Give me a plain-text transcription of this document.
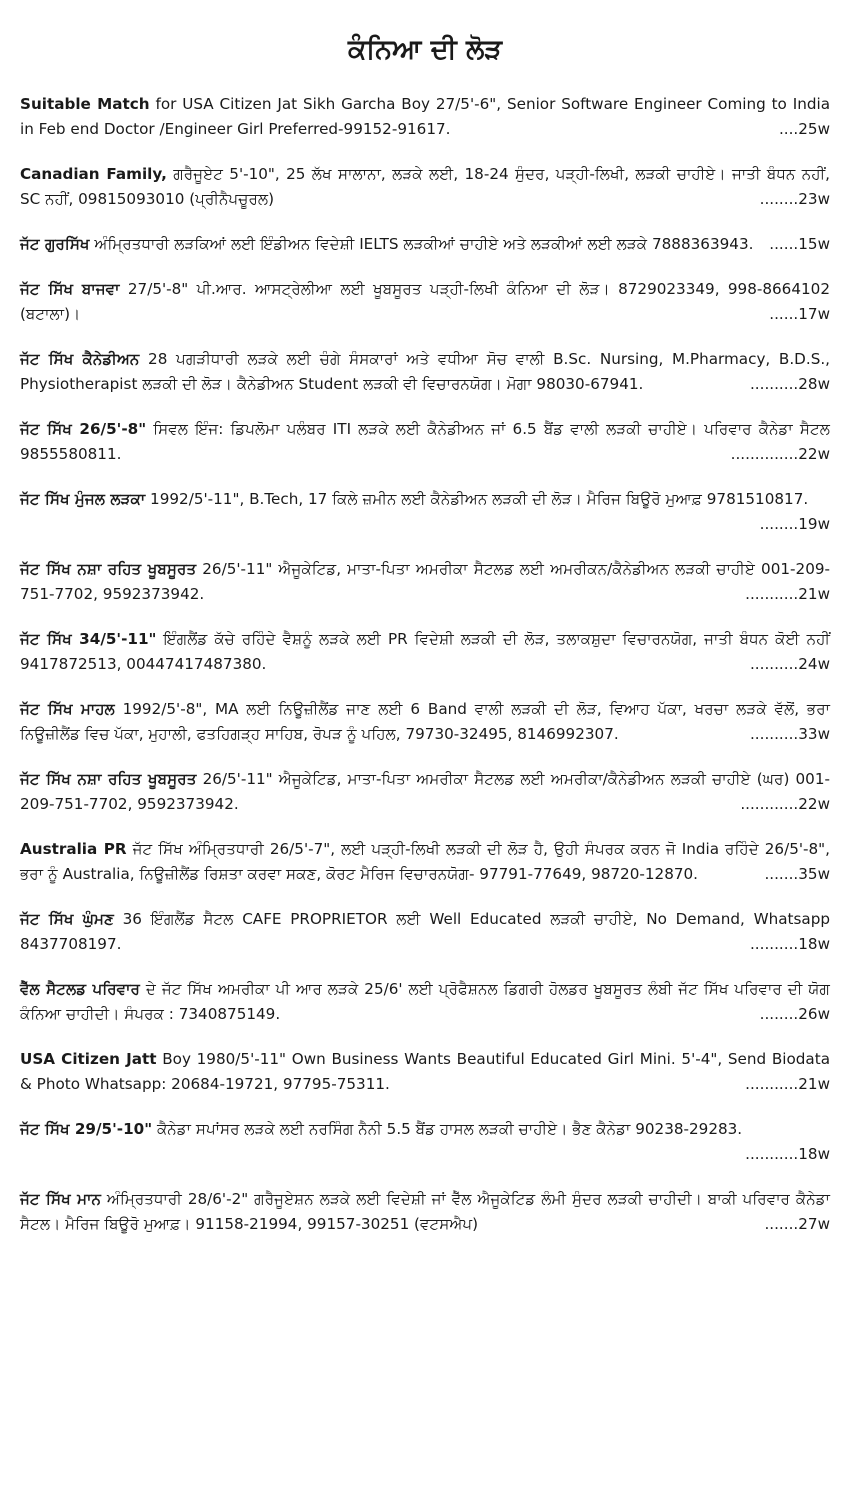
ਕੰਨਿਆ ਦੀ ਲੋੜ

Suitable Match for USA Citizen Jat Sikh Garcha Boy 27/5'-6", Senior Software Engineer Coming to India in Feb end Doctor /Engineer Girl Preferred-99152-91617.	....25w

Canadian Family, ਗਰੈਜੂਏਟ 5'-10", 25 ਲੱਖ ਸਾਲਾਨਾ, ਲੜਕੇ ਲਈ, 18-24 ਸੁੰਦਰ, ਪੜ੍ਹੀ-ਲਿਖੀ, ਲੜਕੀ ਚਾਹੀਏ। ਜਾਤੀ ਬੰਧਨ ਨਹੀਂ, SC ਨਹੀਂ, 09815093010 (ਪ੍ਰੀਨੈਪਚੂਰਲ)	........23w

ਜੱਟ ਗੁਰਸਿੱਖ ਅੰਮ੍ਰਿਤਧਾਰੀ ਲੜਕਿਆਂ ਲਈ ਇੰਡੀਅਨ ਵਿਦੇਸ਼ੀ IELTS ਲੜਕੀਆਂ ਚਾਹੀਏ ਅਤੇ ਲੜਕੀਆਂ ਲਈ ਲੜਕੇ 7888363943. ......15w

ਜੱਟ ਸਿੱਖ ਬਾਜਵਾ 27/5'-8" ਪੀ.ਆਰ. ਆਸਟ੍ਰੇਲੀਆ ਲਈ ਖੂਬਸੂਰਤ ਪੜ੍ਹੀ-ਲਿਖੀ ਕੰਨਿਆ ਦੀ ਲੋੜ। 8729023349, 998-8664102 (ਬਟਾਲਾ)।	......17w

ਜੱਟ ਸਿੱਖ ਕੈਨੇਡੀਅਨ 28 ਪਗੜੀਧਾਰੀ ਲੜਕੇ ਲਈ ਚੰਗੇ ਸੰਸਕਾਰਾਂ ਅਤੇ ਵਧੀਆ ਸੋਚ ਵਾਲੀ B.Sc. Nursing, M.Pharmacy, B.D.S., Physiotherapist ਲੜਕੀ ਦੀ ਲੋੜ। ਕੈਨੇਡੀਅਨ Student ਲੜਕੀ ਵੀ ਵਿਚਾਰਨਯੋਗ। ਮੋਗਾ 98030-67941.	..........28w

ਜੱਟ ਸਿੱਖ 26/5'-8" ਸਿਵਲ ਇੰਜ: ਡਿਪਲੋਮਾ ਪਲੰਬਰ ITI ਲੜਕੇ ਲਈ ਕੈਨੇਡੀਅਨ ਜਾਂ 6.5 ਬੈਂਡ ਵਾਲੀ ਲੜਕੀ ਚਾਹੀਏ। ਪਰਿਵਾਰ ਕੈਨੇਡਾ ਸੈਟਲ 9855580811.	..............22w

ਜੱਟ ਸਿੱਖ ਮੁੰਜਲ ਲੜਕਾ 1992/5'-11", B.Tech, 17 ਕਿਲੇ ਜ਼ਮੀਨ ਲਈ ਕੈਨੇਡੀਅਨ ਲੜਕੀ ਦੀ ਲੋੜ। ਮੈਰਿਜ ਬਿਊਰੋ ਮੁਆਫ਼ 9781510817.
........19w

ਜੱਟ ਸਿੱਖ ਨਸ਼ਾ ਰਹਿਤ ਖੂਬਸੂਰਤ 26/5'-11" ਐਜੂਕੇਟਿਡ, ਮਾਤਾ-ਪਿਤਾ ਅਮਰੀਕਾ ਸੈਟਲਡ ਲਈ ਅਮਰੀਕਨ/ਕੈਨੇਡੀਅਨ ਲੜਕੀ ਚਾਹੀਏ 001-209-751-7702, 9592373942.	...........21w

ਜੱਟ ਸਿੱਖ 34/5'-11" ਇੰਗਲੈਂਡ ਕੱਚੇ ਰਹਿੰਦੇ ਵੈਸ਼ਨੂੰ ਲੜਕੇ ਲਈ PR ਵਿਦੇਸ਼ੀ ਲੜਕੀ ਦੀ ਲੋੜ, ਤਲਾਕਸ਼ੁਦਾ ਵਿਚਾਰਨਯੋਗ, ਜਾਤੀ ਬੰਧਨ ਕੋਈ ਨਹੀਂ 9417872513, 00447417487380.	..........24w

ਜੱਟ ਸਿੱਖ ਮਾਹਲ 1992/5'-8", MA ਲਈ ਨਿਊਜ਼ੀਲੈਂਡ ਜਾਣ ਲਈ 6 Band ਵਾਲੀ ਲੜਕੀ ਦੀ ਲੋੜ, ਵਿਆਹ ਪੱਕਾ, ਖਰਚਾ ਲੜਕੇ ਵੱਲੋਂ, ਭਰਾ ਨਿਊਜ਼ੀਲੈਂਡ ਵਿਚ ਪੱਕਾ, ਮੁਹਾਲੀ, ਫਤਹਿਗੜ੍ਹ ਸਾਹਿਬ, ਰੋਪੜ ਨੂੰ ਪਹਿਲ, 79730-32495, 8146992307.	..........33w

ਜੱਟ ਸਿੱਖ ਨਸ਼ਾ ਰਹਿਤ ਖੂਬਸੂਰਤ 26/5'-11" ਐਜੂਕੇਟਿਡ, ਮਾਤਾ-ਪਿਤਾ ਅਮਰੀਕਾ ਸੈਟਲਡ ਲਈ ਅਮਰੀਕਾ/ਕੈਨੇਡੀਅਨ ਲੜਕੀ ਚਾਹੀਏ (ਘਰ) 001-209-751-7702, 9592373942.	............22w

Australia PR ਜੱਟ ਸਿੱਖ ਅੰਮ੍ਰਿਤਧਾਰੀ 26/5'-7", ਲਈ ਪੜ੍ਹੀ-ਲਿਖੀ ਲੜਕੀ ਦੀ ਲੋੜ ਹੈ, ਉਹੀ ਸੰਪਰਕ ਕਰਨ ਜੋ India ਰਹਿੰਦੇ 26/5'-8", ਭਰਾ ਨੂੰ Australia, ਨਿਊਜ਼ੀਲੈਂਡ ਰਿਸ਼ਤਾ ਕਰਵਾ ਸਕਣ, ਕੋਰਟ ਮੈਰਿਜ ਵਿਚਾਰਨਯੋਗ- 97791-77649, 98720-12870.	.......35w

ਜੱਟ ਸਿੱਖ ਘੁੰਮਣ 36 ਇੰਗਲੈਂਡ ਸੈਟਲ CAFE PROPRIETOR ਲਈ Well Educated ਲੜਕੀ ਚਾਹੀਏ, No Demand, Whatsapp 8437708197.	..........18w

ਵੈੱਲ ਸੈਟਲਡ ਪਰਿਵਾਰ ਦੇ ਜੱਟ ਸਿੱਖ ਅਮਰੀਕਾ ਪੀ ਆਰ ਲੜਕੇ 25/6' ਲਈ ਪ੍ਰੋਫੈਸ਼ਨਲ ਡਿਗਰੀ ਹੋਲਡਰ ਖੂਬਸੂਰਤ ਲੰਬੀ ਜੱਟ ਸਿੱਖ ਪਰਿਵਾਰ ਦੀ ਯੋਗ ਕੰਨਿਆ ਚਾਹੀਦੀ। ਸੰਪਰਕ : 7340875149.	........26w

USA Citizen Jatt Boy 1980/5'-11" Own Business Wants Beautiful Educated Girl Mini. 5'-4", Send Biodata & Photo Whatsapp: 20684-19721, 97795-75311.	...........21w

ਜੱਟ ਸਿੱਖ 29/5'-10" ਕੈਨੇਡਾ ਸਪਾਂਸਰ ਲੜਕੇ ਲਈ ਨਰਸਿੰਗ ਨੈਨੀ 5.5 ਬੈਂਡ ਹਾਸਲ ਲੜਕੀ ਚਾਹੀਏ। ਭੈਣ ਕੈਨੇਡਾ 90238-29283.
...........18w

ਜੱਟ ਸਿੱਖ ਮਾਨ ਅੰਮ੍ਰਿਤਧਾਰੀ 28/6'-2" ਗਰੈਜੂਏਸ਼ਨ ਲੜਕੇ ਲਈ ਵਿਦੇਸ਼ੀ ਜਾਂ ਵੈੱਲ ਐਜੂਕੇਟਿਡ ਲੰਮੀ ਸੁੰਦਰ ਲੜਕੀ ਚਾਹੀਦੀ। ਬਾਕੀ ਪਰਿਵਾਰ ਕੈਨੇਡਾ ਸੈਟਲ। ਮੈਰਿਜ ਬਿਊਰੋ ਮੁਆਫ਼। 91158-21994, 99157-30251 (ਵਟਸਐਪ)	.......27w
